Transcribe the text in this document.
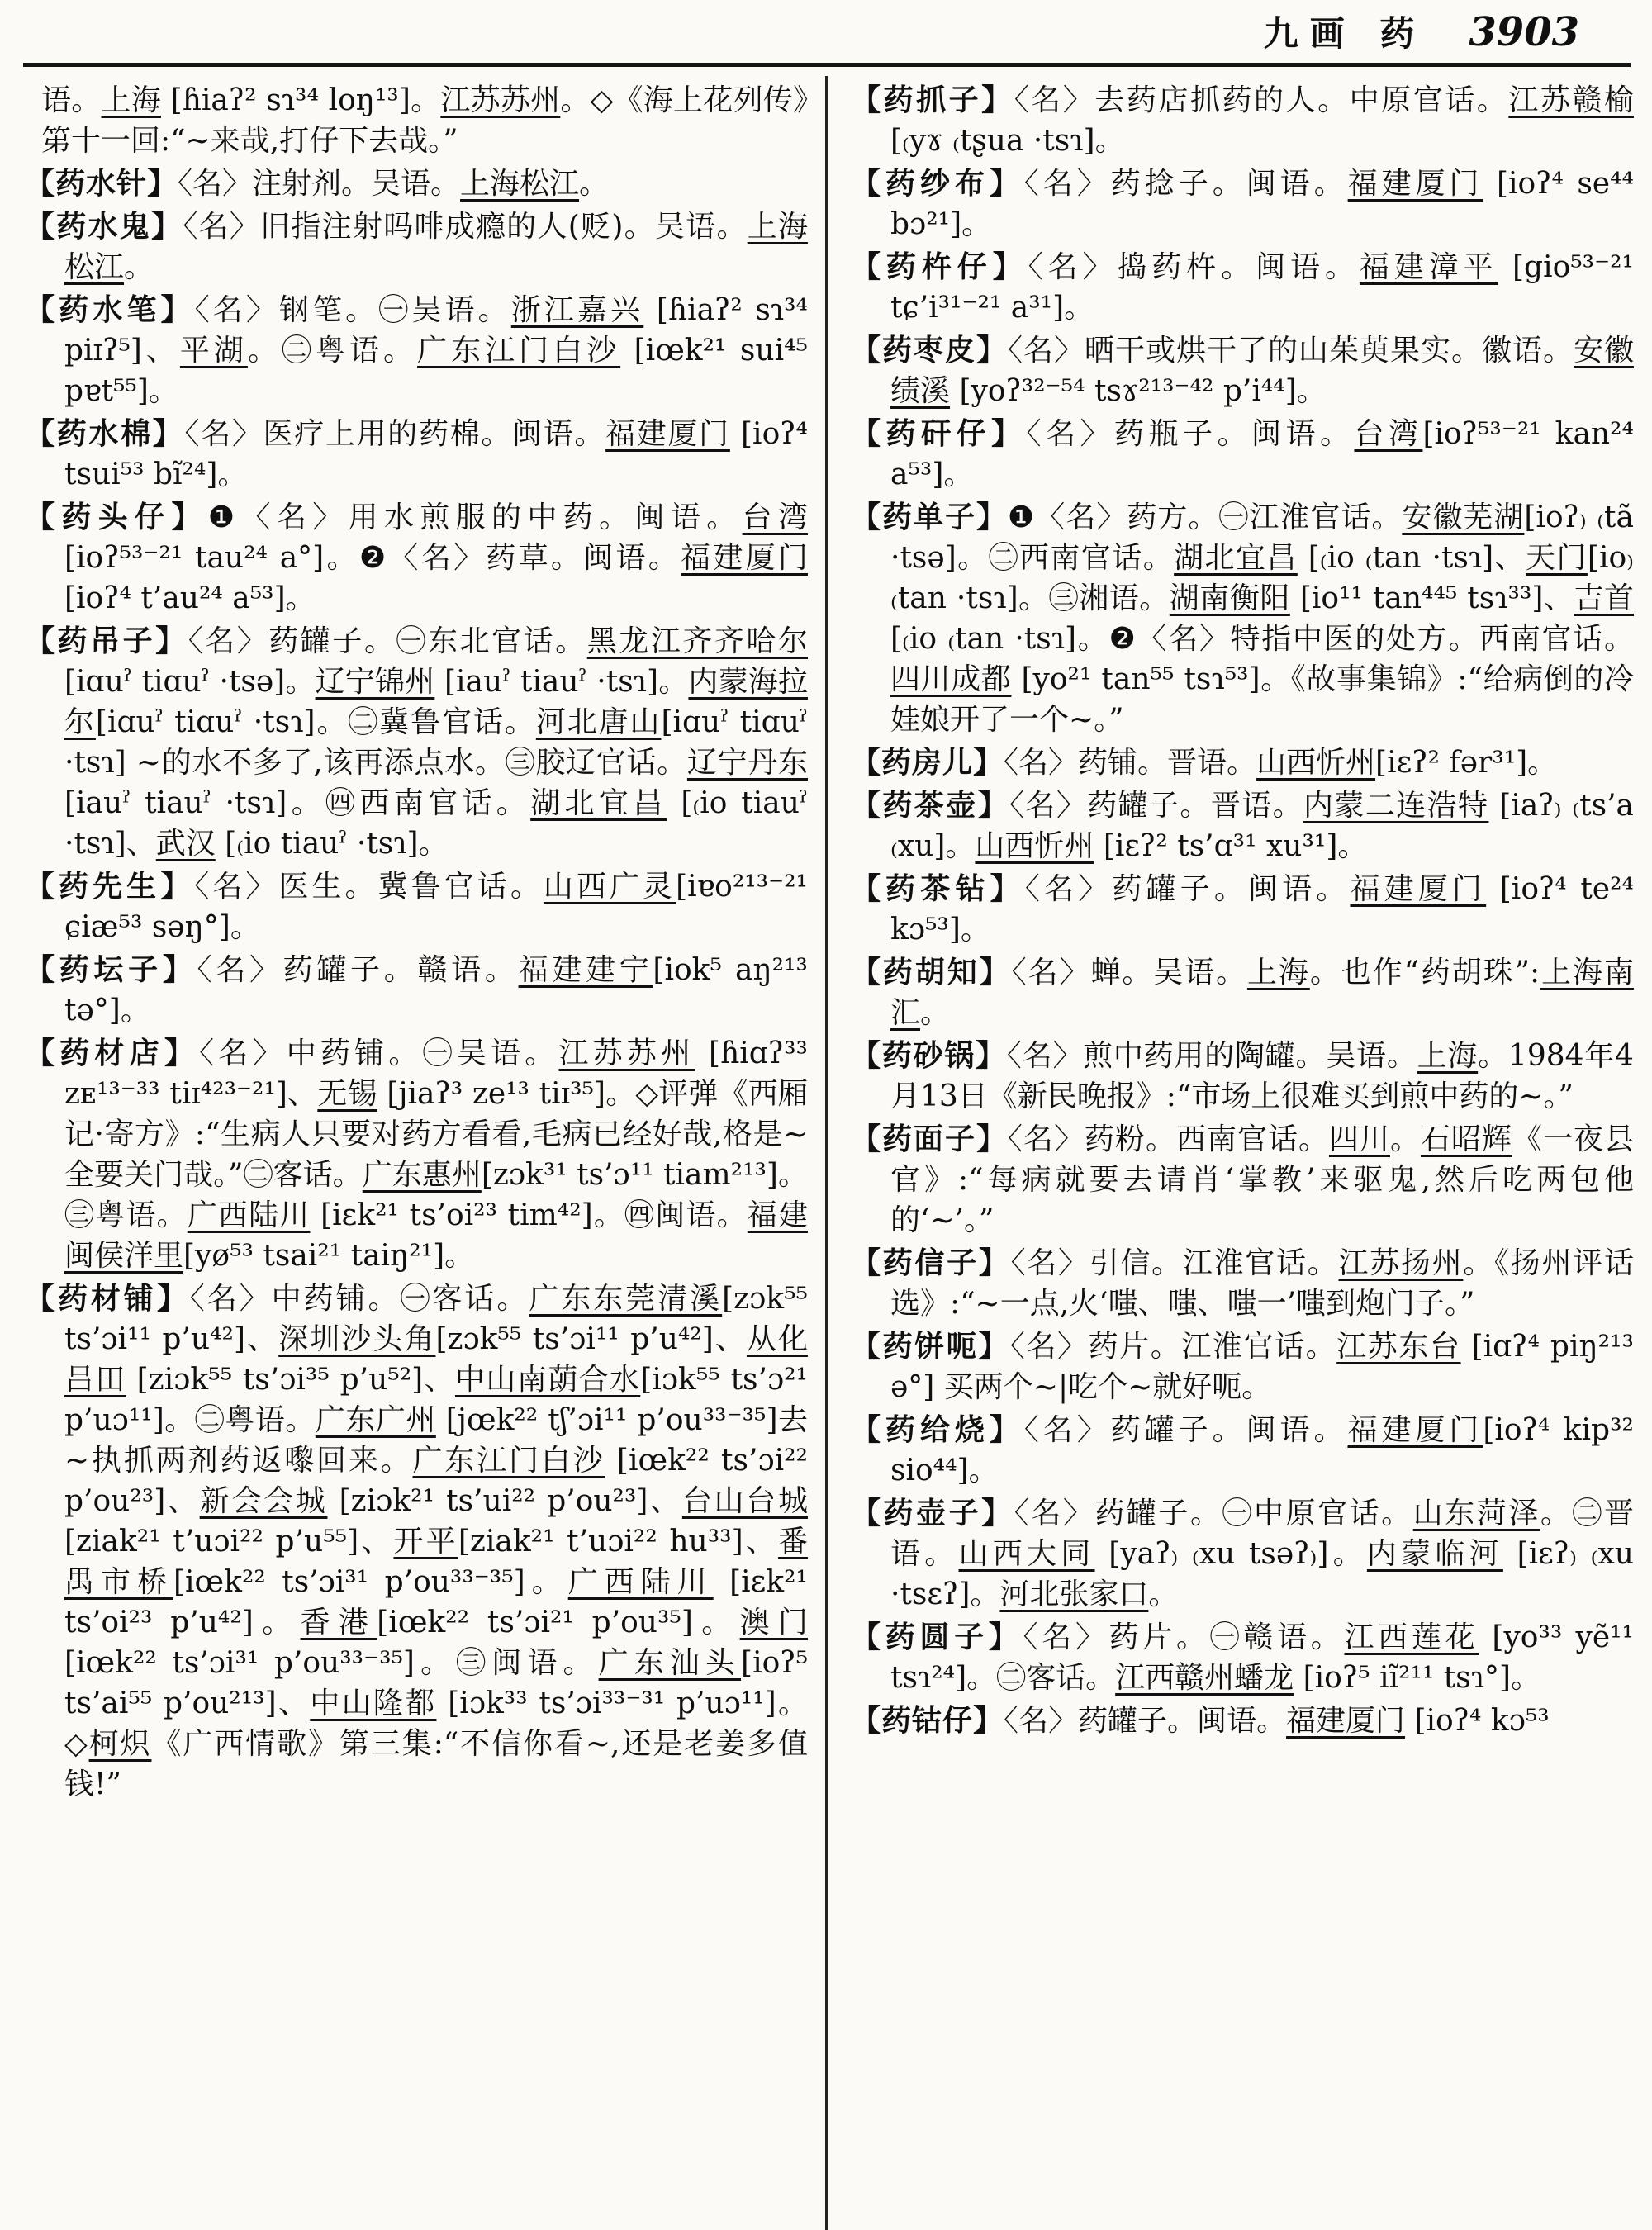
九画 药 3903
语。上海 [ɦiaʔ² sɿ³⁴ loŋ¹³]。江苏苏州。◇《海上花列传》第十一回:“~来哉,打仔下去哉。”
【药水针】〈名〉注射剂。吴语。上海松江。
【药水鬼】〈名〉旧指注射吗啡成瘾的人(贬)。吴语。上海松江。
【药水笔】〈名〉钢笔。㊀吴语。浙江嘉兴 [ɦiaʔ² sɿ³⁴ piɪʔ⁵]、平湖。㊁粤语。广东江门白沙 [iœk²¹ sui⁴⁵ pɐt⁵⁵]。
【药水棉】〈名〉医疗上用的药棉。闽语。福建厦门 [ioʔ⁴ tsui⁵³ bĩ²⁴]。
【药头仔】❶〈名〉用水煎服的中药。闽语。台湾 [ioʔ⁵³⁻²¹ tau²⁴ a°]。❷〈名〉药草。闽语。福建厦门 [ioʔ⁴ t’au²⁴ a⁵³]。
【药吊子】〈名〉药罐子。㊀东北官话。黑龙江齐齐哈尔[iɑuˀ tiɑuˀ ·tsə]。辽宁锦州 [iauˀ tiauˀ ·tsɿ]。内蒙海拉尔[iɑuˀ tiɑuˀ ·tsɿ]。㊁冀鲁官话。河北唐山[iɑuˀ tiɑuˀ ·tsɿ] ~的水不多了,该再添点水。㊂胶辽官话。辽宁丹东 [iauˀ tiauˀ ·tsɿ]。㊃西南官话。湖北宜昌 [₍io tiauˀ ·tsɿ]、武汉 [₍io tiauˀ ·tsɿ]。
【药先生】〈名〉医生。冀鲁官话。山西广灵[iɐo²¹³⁻²¹ ɕiæ⁵³ səŋ°]。
【药坛子】〈名〉药罐子。赣语。福建建宁[iok⁵ aŋ²¹³ tə°]。
【药材店】〈名〉中药铺。㊀吴语。江苏苏州 [ɦiɑʔ³³ zᴇ¹³⁻³³ tiɪ⁴²³⁻²¹]、无锡 [jiaʔ³ ze¹³ tiɪ³⁵]。◇评弹《西厢记·寄方》:“生病人只要对药方看看,毛病已经好哉,格是~全要关门哉。”㊁客话。广东惠州[zɔk³¹ ts’ɔ¹¹ tiam²¹³]。㊂粤语。广西陆川 [iɛk²¹ ts’oi²³ tim⁴²]。㊃闽语。福建闽侯洋里[yø⁵³ tsai²¹ taiŋ²¹]。
【药材铺】〈名〉中药铺。㊀客话。广东东莞清溪[zɔk⁵⁵ ts’ɔi¹¹ p’u⁴²]、深圳沙头角[zɔk⁵⁵ ts’ɔi¹¹ p’u⁴²]、从化吕田 [ziɔk⁵⁵ ts’ɔi³⁵ p’u⁵²]、中山南蓢合水[iɔk⁵⁵ ts’ɔ²¹ p’uɔ¹¹]。㊁粤语。广东广州 [jœk²² tʃ’ɔi¹¹ p’ou³³⁻³⁵]去~执抓两剂药返嚟回来。广东江门白沙 [iœk²² ts’ɔi²² p’ou²³]、新会会城 [ziɔk²¹ ts’ui²² p’ou²³]、台山台城 [ziak²¹ t’uɔi²² p’u⁵⁵]、开平[ziak²¹ t’uɔi²² hu³³]、番禺市桥[iœk²² ts’ɔi³¹ p’ou³³⁻³⁵]。广西陆川 [iɛk²¹ ts’oi²³ p’u⁴²]。香港[iœk²² ts’ɔi²¹ p’ou³⁵]。澳门 [iœk²² ts’ɔi³¹ p’ou³³⁻³⁵]。㊂闽语。广东汕头[ioʔ⁵ ts’ai⁵⁵ p’ou²¹³]、中山隆都 [iɔk³³ ts’ɔi³³⁻³¹ p’uɔ¹¹]。◇柯炽《广西情歌》第三集:“不信你看~,还是老姜多值钱!”
【药抓子】〈名〉去药店抓药的人。中原官话。江苏赣榆[₍yɤ ₍tʂua ·tsɿ]。
【药纱布】〈名〉药捻子。闽语。福建厦门 [ioʔ⁴ se⁴⁴ bɔ²¹]。
【药杵仔】〈名〉捣药杵。闽语。福建漳平 [gio⁵³⁻²¹ tɕ’i³¹⁻²¹ a³¹]。
【药枣皮】〈名〉晒干或烘干了的山茱萸果实。徽语。安徽绩溪 [yoʔ³²⁻⁵⁴ tsɤ²¹³⁻⁴² p’i⁴⁴]。
【药矸仔】〈名〉药瓶子。闽语。台湾[ioʔ⁵³⁻²¹ kan²⁴ a⁵³]。
【药单子】❶〈名〉药方。㊀江淮官话。安徽芜湖[ioʔ₎ ₍tã ·tsə]。㊁西南官话。湖北宜昌 [₍io ₍tan ·tsɿ]、天门[io₎ ₍tan ·tsɿ]。㊂湘语。湖南衡阳 [io¹¹ tan⁴⁴⁵ tsɿ³³]、吉首[₍io ₍tan ·tsɿ]。❷〈名〉特指中医的处方。西南官话。四川成都 [yo²¹ tan⁵⁵ tsɿ⁵³]。《故事集锦》:“给病倒的冷娃娘开了一个~。”
【药房儿】〈名〉药铺。晋语。山西忻州[iɛʔ² fər³¹]。
【药茶壶】〈名〉药罐子。晋语。内蒙二连浩特 [iaʔ₎ ₍ts’a ₍xu]。山西忻州 [iɛʔ² ts’ɑ³¹ xu³¹]。
【药茶钻】〈名〉药罐子。闽语。福建厦门 [ioʔ⁴ te²⁴ kɔ⁵³]。
【药胡知】〈名〉蝉。吴语。上海。也作“药胡珠”:上海南汇。
【药砂锅】〈名〉煎中药用的陶罐。吴语。上海。1984年4月13日《新民晚报》:“市场上很难买到煎中药的~。”
【药面子】〈名〉药粉。西南官话。四川。石昭辉《一夜县官》:“每病就要去请肖‘掌教’来驱鬼,然后吃两包他的‘~’。”
【药信子】〈名〉引信。江淮官话。江苏扬州。《扬州评话选》:“~一点,火‘嗤、嗤、嗤一’嗤到炮门子。”
【药饼呃】〈名〉药片。江淮官话。江苏东台 [iɑʔ⁴ piŋ²¹³ ə°] 买两个~|吃个~就好呃。
【药给烧】〈名〉药罐子。闽语。福建厦门[ioʔ⁴ kip³² sio⁴⁴]。
【药壶子】〈名〉药罐子。㊀中原官话。山东菏泽。㊁晋语。山西大同 [yaʔ₎ ₍xu tsəʔ₎]。内蒙临河 [iɛʔ₎ ₍xu ·tsɛʔ]。河北张家口。
【药圆子】〈名〉药片。㊀赣语。江西莲花 [yo³³ yẽ¹¹ tsɿ²⁴]。㊁客话。江西赣州蟠龙 [ioʔ⁵ iĩ²¹¹ tsɿ°]。
【药钴仔】〈名〉药罐子。闽语。福建厦门 [ioʔ⁴ kɔ⁵³
